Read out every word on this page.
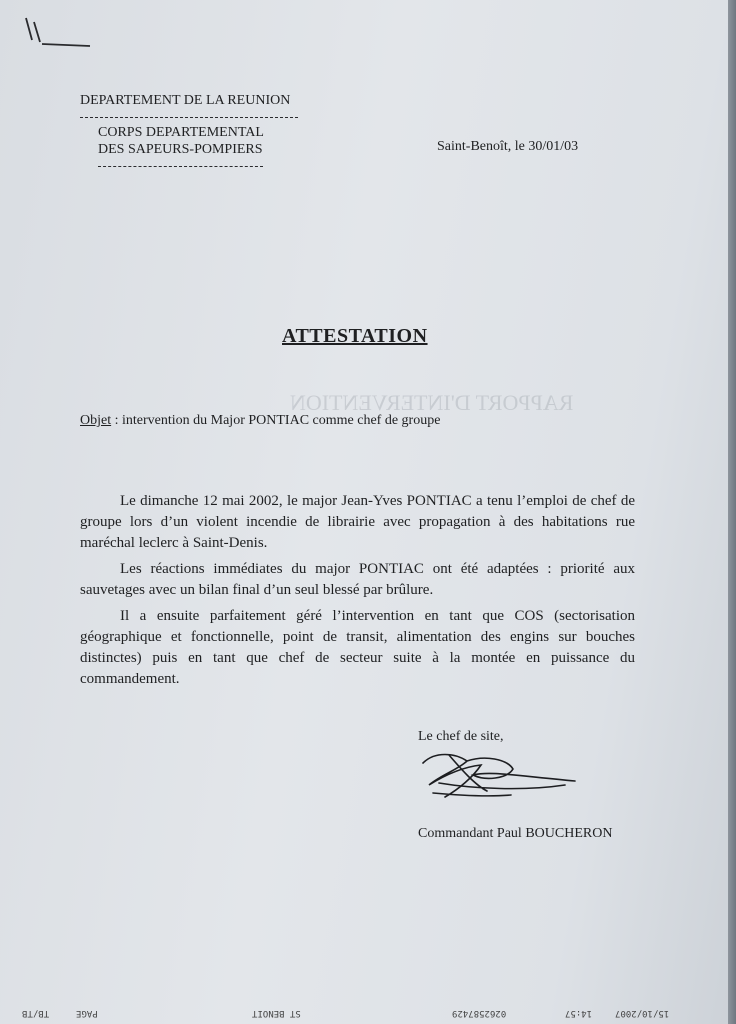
RAPPORT D'INTERVENTION
DEPARTEMENT DE LA REUNION
CORPS DEPARTEMENTAL
DES SAPEURS-POMPIERS	Saint-Benoît, le 30/01/03
ATTESTATION
Objet : intervention du Major PONTIAC comme chef de groupe

Le dimanche 12 mai 2002, le major Jean-Yves PONTIAC a tenu l’emploi de chef de groupe lors d’un violent incendie de librairie avec propagation à des habitations rue maréchal leclerc à Saint-Denis.

Les réactions immédiates du major PONTIAC ont été adaptées : priorité aux sauvetages avec un bilan final d’un seul blessé par brûlure.

Il a ensuite parfaitement géré l’intervention en tant que COS (sectorisation géographique et fonctionnelle, point de transit, alimentation des engins sur bouches distinctes) puis en tant que chef de secteur suite à la montée en puissance du commandement.

Le chef de site,
Commandant Paul BOUCHERON
TB/TB	PAGE	ST BENOIT	0262587429	14:57	15/10/2007
